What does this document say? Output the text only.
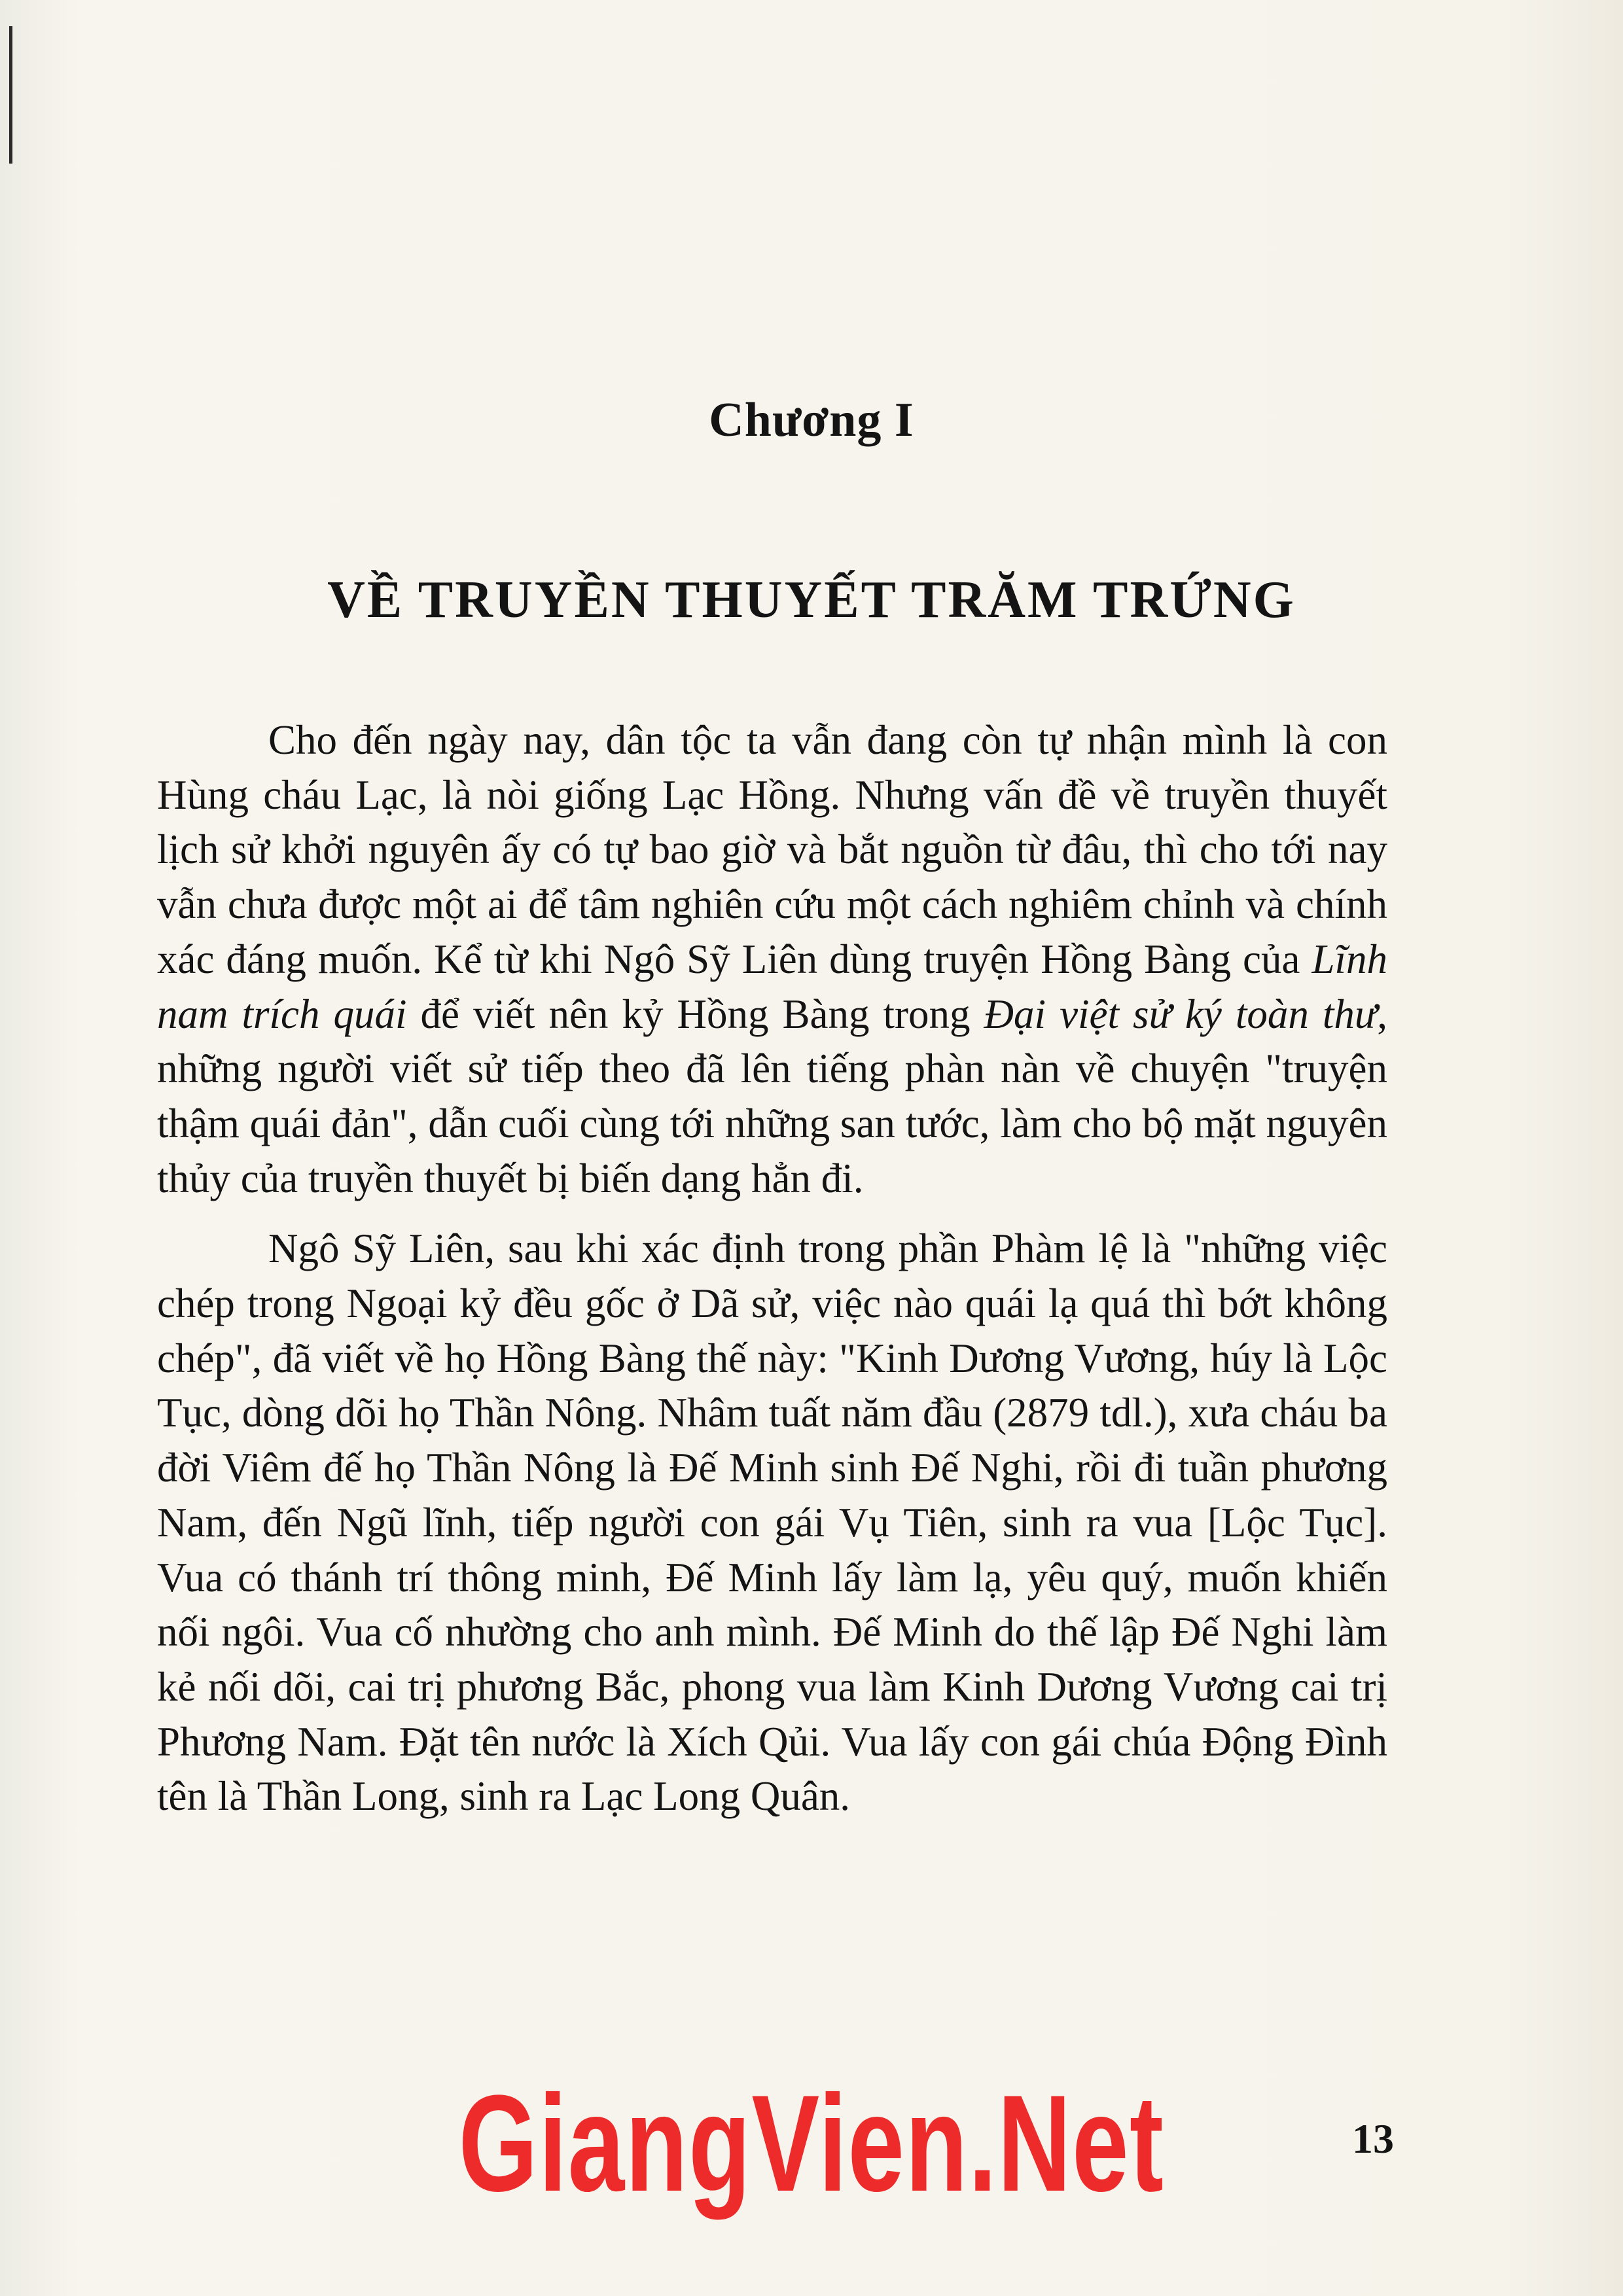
Chương I
VỀ TRUYỀN THUYẾT TRĂM TRỨNG

Cho đến ngày nay, dân tộc ta vẫn đang còn tự nhận mình là con Hùng cháu Lạc, là nòi giống Lạc Hồng. Nhưng vấn đề về truyền thuyết lịch sử khởi nguyên ấy có tự bao giờ và bắt nguồn từ đâu, thì cho tới nay vẫn chưa được một ai để tâm nghiên cứu một cách nghiêm chỉnh và chính xác đáng muốn. Kể từ khi Ngô Sỹ Liên dùng truyện Hồng Bàng của Lĩnh nam trích quái để viết nên kỷ Hồng Bàng trong Đại việt sử ký toàn thư, những người viết sử tiếp theo đã lên tiếng phàn nàn về chuyện "truyện thậm quái đản", dẫn cuối cùng tới những san tước, làm cho bộ mặt nguyên thủy của truyền thuyết bị biến dạng hẳn đi.

Ngô Sỹ Liên, sau khi xác định trong phần Phàm lệ là "những việc chép trong Ngoại kỷ đều gốc ở Dã sử, việc nào quái lạ quá thì bớt không chép", đã viết về họ Hồng Bàng thế này: "Kinh Dương Vương, húy là Lộc Tục, dòng dõi họ Thần Nông. Nhâm tuất năm đầu (2879 tdl.), xưa cháu ba đời Viêm đế họ Thần Nông là Đế Minh sinh Đế Nghi, rồi đi tuần phương Nam, đến Ngũ lĩnh, tiếp người con gái Vụ Tiên, sinh ra vua [Lộc Tục]. Vua có thánh trí thông minh, Đế Minh lấy làm lạ, yêu quý, muốn khiến nối ngôi. Vua cố nhường cho anh mình. Đế Minh do thế lập Đế Nghi làm kẻ nối dõi, cai trị phương Bắc, phong vua làm Kinh Dương Vương cai trị Phương Nam. Đặt tên nước là Xích Qủi. Vua lấy con gái chúa Động Đình tên là Thần Long, sinh ra Lạc Long Quân.

GiangVien.Net	13
